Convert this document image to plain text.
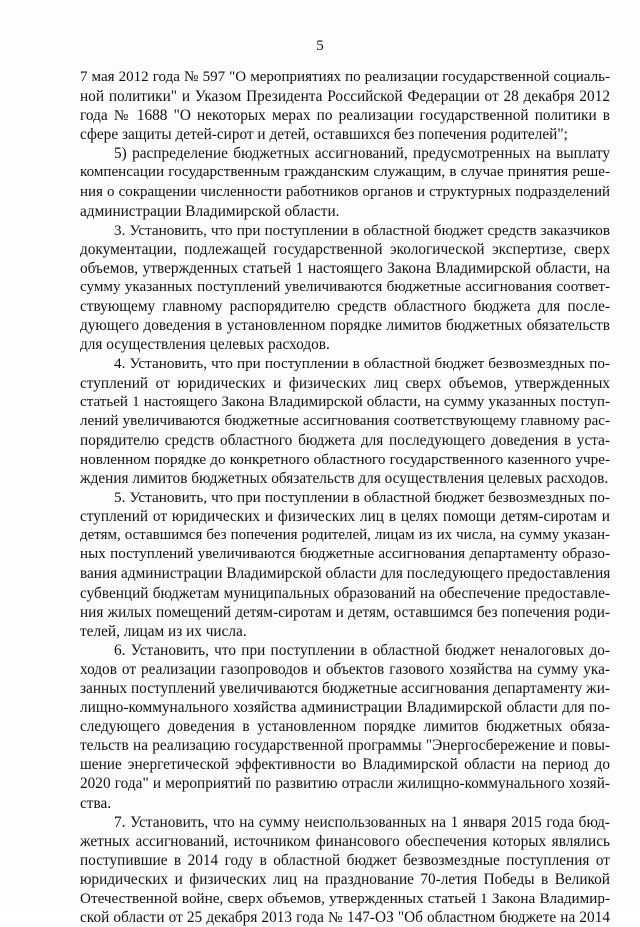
5
7 мая 2012 года № 597 "О мероприятиях по реализации государственной социаль-
ной политики" и Указом Президента Российской Федерации от 28 декабря 2012
года № 1688 "О некоторых мерах по реализации государственной политики в
сфере защиты детей-сирот и детей, оставшихся без попечения родителей";
5) распределение бюджетных ассигнований, предусмотренных на выплату
компенсации государственным гражданским служащим, в случае принятия реше-
ния о сокращении численности работников органов и структурных подразделений
администрации Владимирской области.
3. Установить, что при поступлении в областной бюджет средств заказчиков
документации, подлежащей государственной экологической экспертизе, сверх
объемов, утвержденных статьей 1 настоящего Закона Владимирской области, на
сумму указанных поступлений увеличиваются бюджетные ассигнования соответ-
ствующему главному распорядителю средств областного бюджета для после-
дующего доведения в установленном порядке лимитов бюджетных обязательств
для осуществления целевых расходов.
4. Установить, что при поступлении в областной бюджет безвозмездных по-
ступлений от юридических и физических лиц сверх объемов, утвержденных
статьей 1 настоящего Закона Владимирской области, на сумму указанных поступ-
лений увеличиваются бюджетные ассигнования соответствующему главному рас-
порядителю средств областного бюджета для последующего доведения в уста-
новленном порядке до конкретного областного государственного казенного учре-
ждения лимитов бюджетных обязательств для осуществления целевых расходов.
5. Установить, что при поступлении в областной бюджет безвозмездных по-
ступлений от юридических и физических лиц в целях помощи детям-сиротам и
детям, оставшимся без попечения родителей, лицам из их числа, на сумму указан-
ных поступлений увеличиваются бюджетные ассигнования департаменту образо-
вания администрации Владимирской области для последующего предоставления
субвенций бюджетам муниципальных образований на обеспечение предоставле-
ния жилых помещений детям-сиротам и детям, оставшимся без попечения роди-
телей, лицам из их числа.
6. Установить, что при поступлении в областной бюджет неналоговых до-
ходов от реализации газопроводов и объектов газового хозяйства на сумму ука-
занных поступлений увеличиваются бюджетные ассигнования департаменту жи-
лищно-коммунального хозяйства администрации Владимирской области для по-
следующего доведения в установленном порядке лимитов бюджетных обяза-
тельств на реализацию государственной программы "Энергосбережение и повы-
шение энергетической эффективности во Владимирской области на период до
2020 года" и мероприятий по развитию отрасли жилищно-коммунального хозяй-
ства.
7. Установить, что на сумму неиспользованных на 1 января 2015 года бюд-
жетных ассигнований, источником финансового обеспечения которых являлись
поступившие в 2014 году в областной бюджет безвозмездные поступления от
юридических и физических лиц на празднование 70-летия Победы в Великой
Отечественной войне, сверх объемов, утвержденных статьей 1 Закона Владимир-
ской области от 25 декабря 2013 года № 147-ОЗ "Об областном бюджете на 2014
